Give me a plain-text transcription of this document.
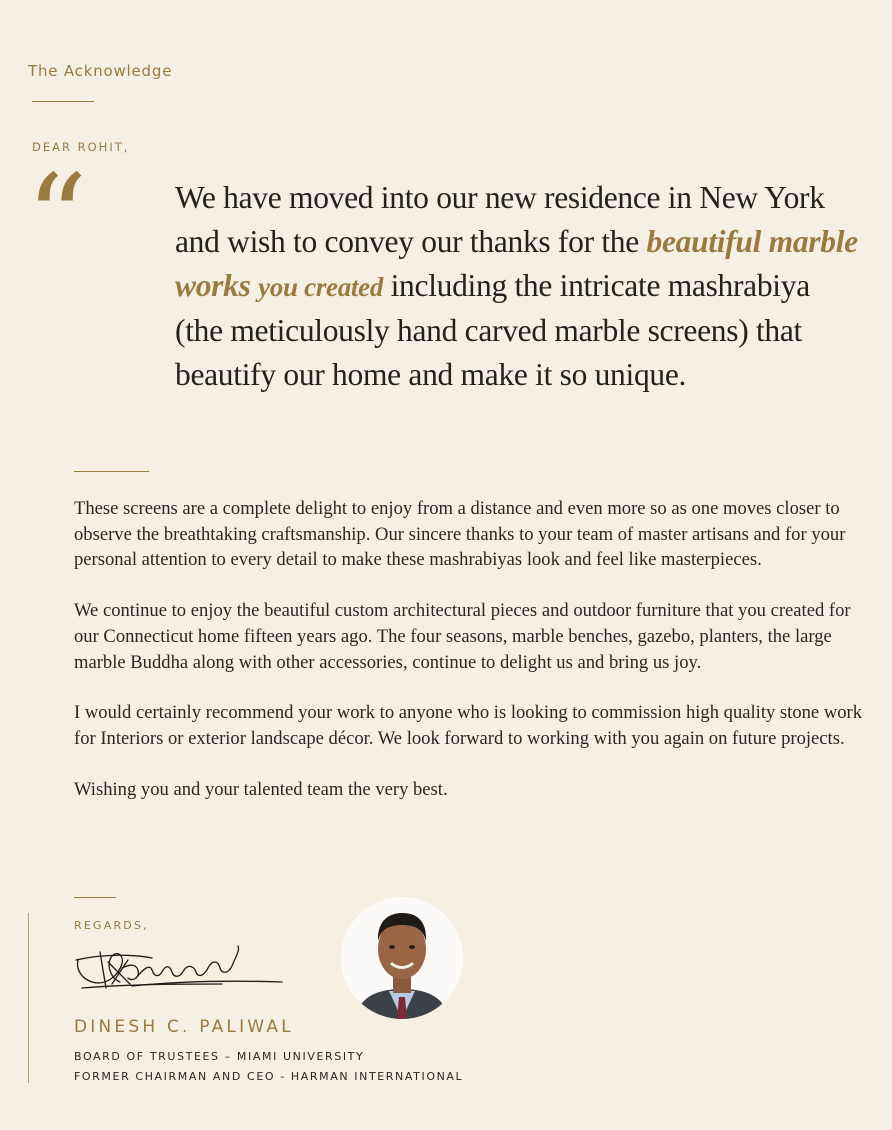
The Acknowledge
DEAR ROHIT,
“	We have moved into our new residence in New York and wish to convey our thanks for the beautiful marble works you created including the intricate mashrabiya (the meticulously hand carved marble screens) that beautify our home and make it so unique.

These screens are a complete delight to enjoy from a distance and even more so as one moves closer to observe the breathtaking craftsmanship. Our sincere thanks to your team of master artisans and for your personal attention to every detail to make these mashrabiyas look and feel like masterpieces.

We continue to enjoy the beautiful custom architectural pieces and outdoor furniture that you created for our Connecticut home fifteen years ago. The four seasons, marble benches, gazebo, planters, the large marble Buddha along with other accessories, continue to delight us and bring us joy.

I would certainly recommend your work to anyone who is looking to commission high quality stone work for Interiors or exterior landscape décor. We look forward to working with you again on future projects.

Wishing you and your talented team the very best.

REGARDS,
DINESH C. PALIWAL
BOARD OF TRUSTEES – MIAMI UNIVERSITY
FORMER CHAIRMAN AND CEO - HARMAN INTERNATIONAL
